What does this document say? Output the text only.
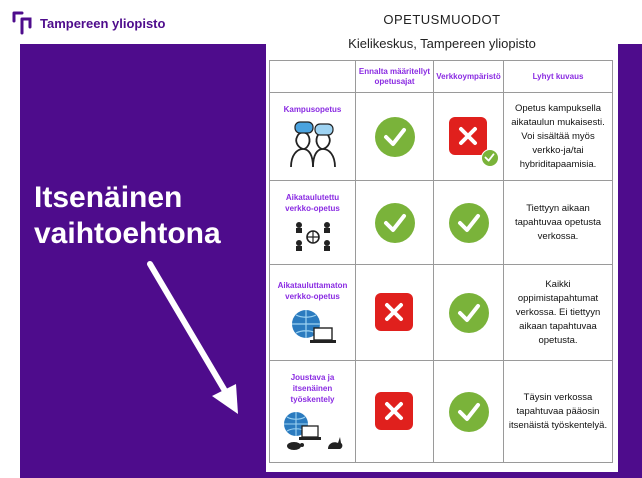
Tampereen yliopisto
Itsenäinen
vaihtoehtona
OPETUSMUODOT
Kielikeskus, Tampereen yliopisto
	Ennalta määritellyt opetusajat	Verkkoympäristö	Lyhyt kuvaus

Kampusopetus			Opetus kampuksella aikataulun mukaisesti. Voi sisältää myös verkko-ja/tai hybriditapaamisia.

Aikataulutettu verkko-opetus			Tiettyyn aikaan tapahtuvaa opetusta verkossa.

Aikatauluttamaton verkko-opetus			Kaikki oppimistapahtumat verkossa. Ei tiettyyn aikaan tapahtuvaa opetusta.

Joustava ja itsenäinen työskentely			Täysin verkossa tapahtuvaa pääosin itsenäistä työskentelyä.
